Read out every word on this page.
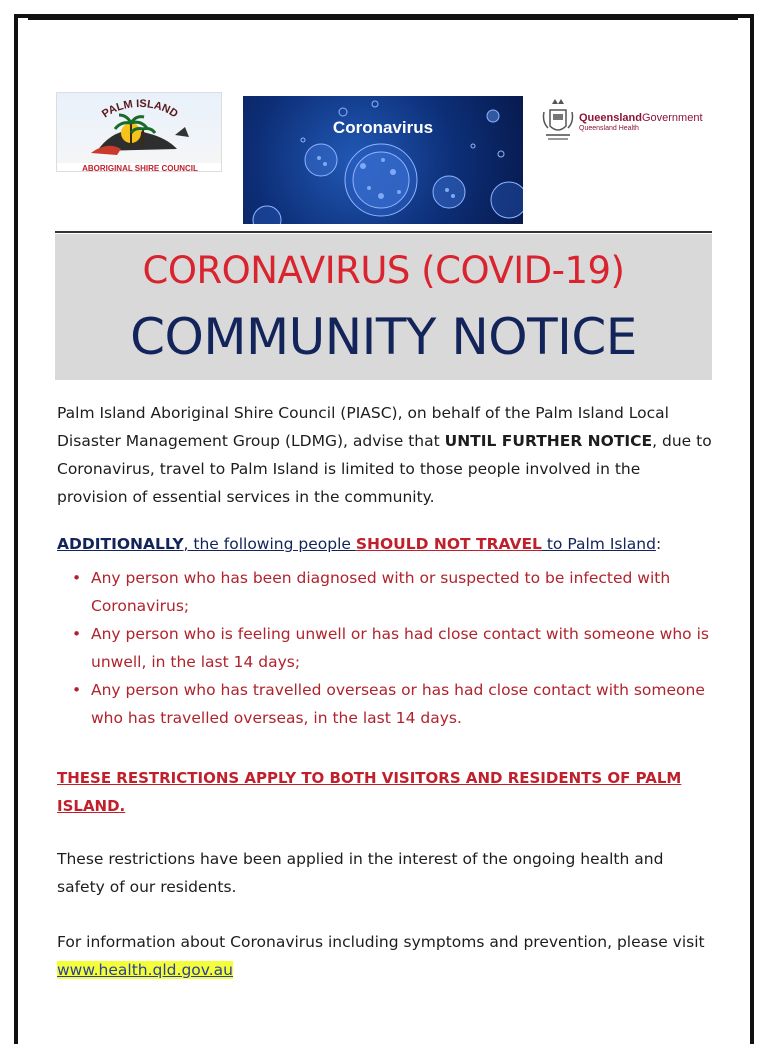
PALM ISLAND
ABORIGINAL SHIRE COUNCIL
Coronavirus	QueenslandGovernment
Queensland Health
CORONAVIRUS (COVID-19)
COMMUNITY NOTICE
Palm Island Aboriginal Shire Council (PIASC), on behalf of the Palm Island Local Disaster Management Group (LDMG), advise that UNTIL FURTHER NOTICE, due to Coronavirus, travel to Palm Island is limited to those people involved in the provision of essential services in the community.
ADDITIONALLY, the following people SHOULD NOT TRAVEL to Palm Island:
• Any person who has been diagnosed with or suspected to be infected with Coronavirus;
• Any person who is feeling unwell or has had close contact with someone who is unwell, in the last 14 days;
• Any person who has travelled overseas or has had close contact with someone who has travelled overseas, in the last 14 days.
THESE RESTRICTIONS APPLY TO BOTH VISITORS AND RESIDENTS OF PALM ISLAND.
These restrictions have been applied in the interest of the ongoing health and safety of our residents.
For information about Coronavirus including symptoms and prevention, please visit www.health.qld.gov.au
